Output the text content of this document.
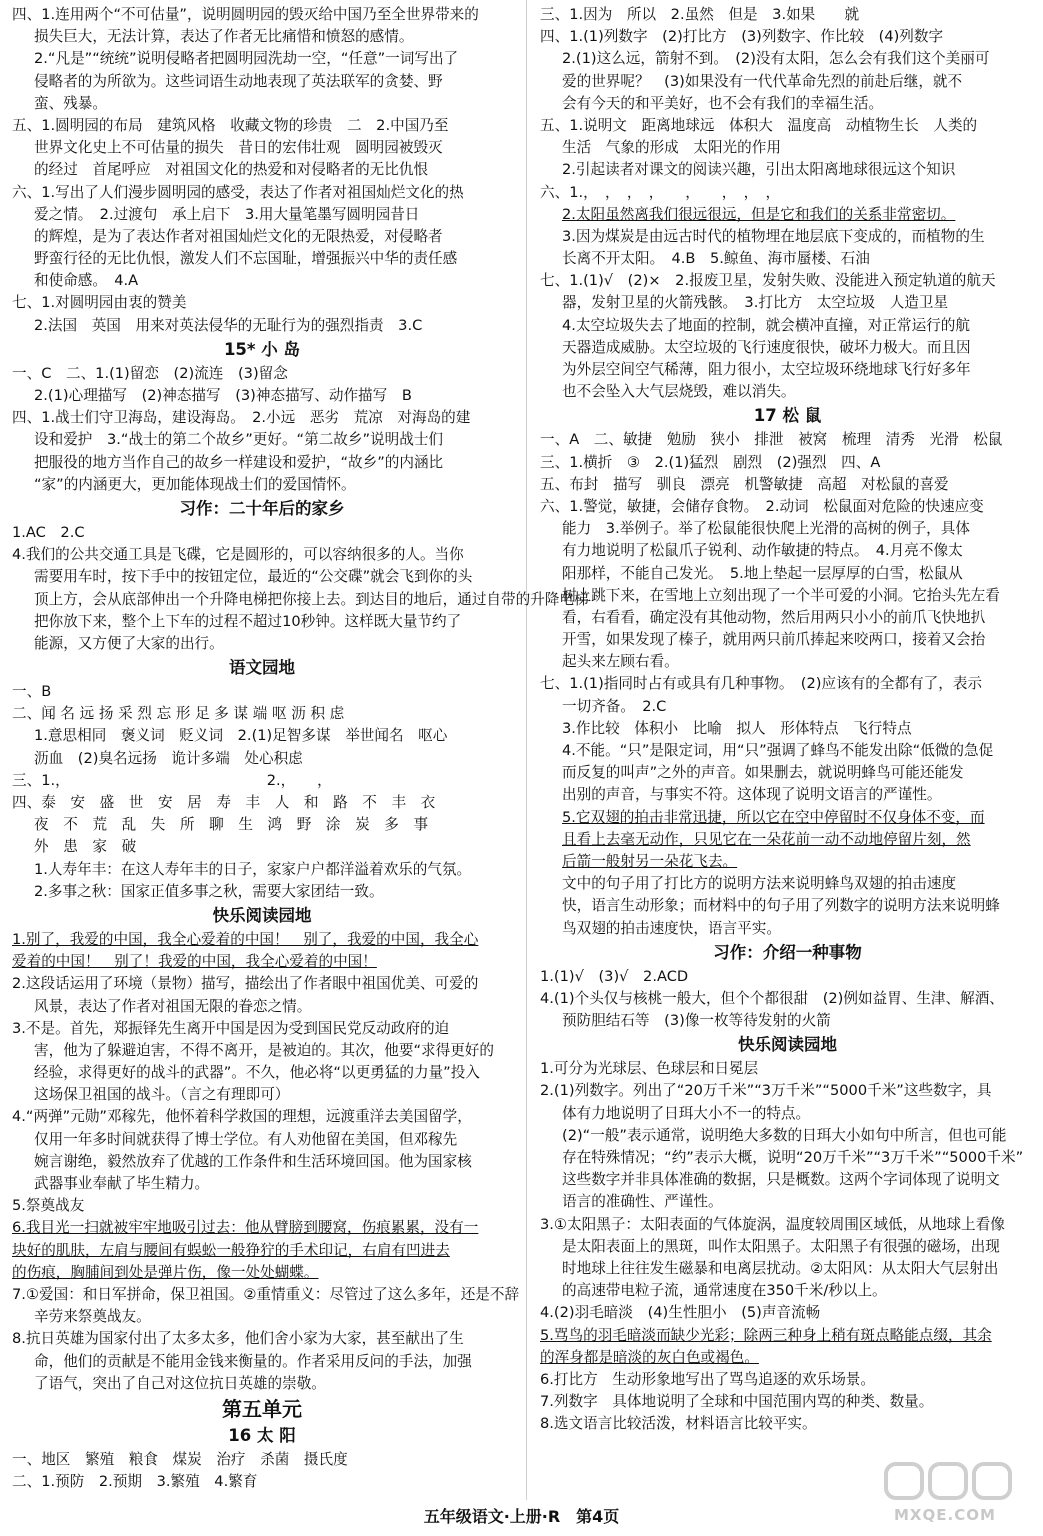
四、1.连用两个“不可估量”，说明圆明园的毁灭给中国乃至全世界带来的
损失巨大，无法计算，表达了作者无比痛惜和愤怒的感情。
2.“凡是”“统统”说明侵略者把圆明园洗劫一空，“任意”一词写出了
侵略者的为所欲为。这些词语生动地表现了英法联军的贪婪、野
蛮、残暴。
五、1.圆明园的布局　建筑风格　收藏文物的珍贵　二　2.中国乃至
世界文化史上不可估量的损失　昔日的宏伟壮观　圆明园被毁灭
的经过　首尾呼应　对祖国文化的热爱和对侵略者的无比仇恨
六、1.写出了人们漫步圆明园的感受，表达了作者对祖国灿烂文化的热
爱之情。　2.过渡句　承上启下　3.用大量笔墨写圆明园昔日
的辉煌，是为了表达作者对祖国灿烂文化的无限热爱，对侵略者
野蛮行径的无比仇恨，激发人们不忘国耻，增强振兴中华的责任感
和使命感。　4.A
七、1.对圆明园由衷的赞美
2.法国　英国　用来对英法侵华的无耻行为的强烈指责　3.C
15* 小 岛
一、C　二、1.(1)留恋　(2)流连　(3)留念
2.(1)心理描写　(2)神态描写　(3)神态描写、动作描写　B
四、1.战士们守卫海岛，建设海岛。　2.小远　恶劣　荒凉　对海岛的建
设和爱护　3.“战士的第二个故乡”更好。“第二故乡”说明战士们
把服役的地方当作自己的故乡一样建设和爱护，“故乡”的内涵比
“家”的内涵更大，更加能体现战士们的爱国情怀。
习作：二十年后的家乡
1.AC　2.C
4.我们的公共交通工具是飞碟，它是圆形的，可以容纳很多的人。当你
需要用车时，按下手中的按钮定位，最近的“公交碟”就会飞到你的头
顶上方，会从底部伸出一个升降电梯把你接上去。到达目的地后，通过自带的升降电梯
把你放下来，整个上下车的过程不超过10秒钟。这样既大量节约了
能源，又方便了大家的出行。
语文园地
一、B
二、闻 名 远 扬 采 烈 忘 形 足 多 谋 端 呕 沥 积 虑
1.意思相同　褒义词　贬义词　2.(1)足智多谋　举世闻名　呕心
沥血　(2)臭名远扬　诡计多端　处心积虑
三、1.，　　　　　　　　　　　　　　2.，　　，
四、泰　安　盛　世　安　居　寿　丰　人　和　路　不　丰　衣
夜　不　荒　乱　失　所　聊　生　鸿　野　涂　炭　多　事
外　患　家　破
1.人寿年丰：在这人寿年丰的日子，家家户户都洋溢着欢乐的气氛。
2.多事之秋：国家正值多事之秋，需要大家团结一致。
快乐阅读园地
1.别了，我爱的中国，我全心爱着的中国！　别了，我爱的中国，我全心
爱着的中国！　别了！我爱的中国，我全心爱着的中国！
2.这段话运用了环境（景物）描写，描绘出了作者眼中祖国优美、可爱的
风景，表达了作者对祖国无限的眷恋之情。
3.不是。首先，郑振铎先生离开中国是因为受到国民党反动政府的迫
害，他为了躲避迫害，不得不离开，是被迫的。其次，他要“求得更好的
经验，求得更好的战斗的武器”。不久，他必将“以更勇猛的力量”投入
这场保卫祖国的战斗。（言之有理即可）
4.“两弹”元勋”邓稼先，他怀着科学救国的理想，远渡重洋去美国留学，
仅用一年多时间就获得了博士学位。有人劝他留在美国，但邓稼先
婉言谢绝，毅然放弃了优越的工作条件和生活环境回国。他为国家核
武器事业奉献了毕生精力。
5.祭奠战友
6.我目光一扫就被牢牢地吸引过去：他从臂膀到腰窝，伤痕累累，没有一
块好的肌肤，左肩与腰间有蜈蚣一般狰狞的手术印记，右肩有凹进去
的伤痕，胸脯间到处是弹片伤，像一处处蝴蝶。
7.①爱国：和日军拼命，保卫祖国。②重情重义：尽管过了这么多年，还是不辞
辛劳来祭奠战友。
8.抗日英雄为国家付出了太多太多，他们舍小家为大家，甚至献出了生
命，他们的贡献是不能用金钱来衡量的。作者采用反问的手法，加强
了语气，突出了自己对这位抗日英雄的崇敬。
第五单元
16 太 阳
一、地区　繁殖　粮食　煤炭　治疗　杀菌　摄氏度
二、1.预防　2.预期　3.繁殖　4.繁育
三、1.因为　所以　2.虽然　但是　3.如果　　就
四、1.(1)列数字　(2)打比方　(3)列数字、作比较　(4)列数字
2.(1)这么远，箭射不到。　(2)没有太阳，怎么会有我们这个美丽可
爱的世界呢？　(3)如果没有一代代革命先烈的前赴后继，就不
会有今天的和平美好，也不会有我们的幸福生活。
五、1.说明文　距离地球远　体积大　温度高　动植物生长　人类的
生活　气象的形成　太阳光的作用
2.引起读者对课文的阅读兴趣，引出太阳离地球很远这个知识
六、1.，　，　，　，　　，　　，　，　，
2.太阳虽然离我们很远很远，但是它和我们的关系非常密切。
3.因为煤炭是由远古时代的植物埋在地层底下变成的，而植物的生
长离不开太阳。　4.B　5.鲸鱼、海市蜃楼、石油
七、1.(1)√　(2)×　2.报废卫星，发射失败、没能进入预定轨道的航天
器，发射卫星的火箭残骸。　3.打比方　太空垃圾　人造卫星
4.太空垃圾失去了地面的控制，就会横冲直撞，对正常运行的航
天器造成威胁。太空垃圾的飞行速度很快，破坏力极大。而且因
为外层空间空气稀薄，阻力很小，太空垃圾环绕地球飞行好多年
也不会坠入大气层烧毁，难以消失。
17 松 鼠
一、A　二、敏捷　勉励　狭小　排泄　被窝　梳理　清秀　光滑　松鼠
三、1.横折　③　2.(1)猛烈　剧烈　(2)强烈　四、A
五、布封　描写　驯良　漂亮　机警敏捷　高超　对松鼠的喜爱
六、1.警觉，敏捷，会储存食物。　2.动词　松鼠面对危险的快速应变
能力　3.举例子。举了松鼠能很快爬上光滑的高树的例子，具体
有力地说明了松鼠爪子锐利、动作敏捷的特点。　4.月亮不像太
阳那样，不能自己发光。　5.地上垫起一层厚厚的白雪，松鼠从
树上跳下来，在雪地上立刻出现了一个半可爱的小洞。它抬头先左看
看，右看看，确定没有其他动物，然后用两只小小的前爪飞快地扒
开雪，如果发现了榛子，就用两只前爪捧起来咬两口，接着又会抬
起头来左顾右看。
七、1.(1)指同时占有或具有几种事物。　(2)应该有的全都有了，表示
一切齐备。　2.C
3.作比较　体积小　比喻　拟人　形体特点　飞行特点
4.不能。“只”是限定词，用“只”强调了蜂鸟不能发出除“低微的急促
而反复的叫声”之外的声音。如果删去，就说明蜂鸟可能还能发
出别的声音，与事实不符。这体现了说明文语言的严谨性。
5.它双翅的拍击非常迅捷，所以它在空中停留时不仅身体不变，而
且看上去毫无动作，只见它在一朵花前一动不动地停留片刻，然
后箭一般射另一朵花飞去。
文中的句子用了打比方的说明方法来说明蜂鸟双翅的拍击速度
快，语言生动形象；而材料中的句子用了列数字的说明方法来说明蜂
鸟双翅的拍击速度快，语言平实。
习作：介绍一种事物
1.(1)√　(3)√　2.ACD
4.(1)个头仅与核桃一般大，但个个都很甜　(2)例如益胃、生津、解酒、
预防胆结石等　(3)像一枚等待发射的火箭
快乐阅读园地
1.可分为光球层、色球层和日冕层
2.(1)列数字。列出了“20万千米”“3万千米”“5000千米”这些数字，具
体有力地说明了日珥大小不一的特点。
(2)“一般”表示通常，说明绝大多数的日珥大小如句中所言，但也可能
存在特殊情况；“约”表示大概，说明“20万千米”“3万千米”“5000千米”
这些数字并非具体准确的数据，只是概数。这两个字词体现了说明文
语言的准确性、严谨性。
3.①太阳黑子：太阳表面的气体旋涡，温度较周围区域低，从地球上看像
是太阳表面上的黑斑，叫作太阳黑子。太阳黑子有很强的磁场，出现
时地球上往往发生磁暴和电离层扰动。②太阳风：从太阳大气层射出
的高速带电粒子流，通常速度在350千米/秒以上。
4.(2)羽毛暗淡　(4)生性胆小　(5)声音流畅
5.骂鸟的羽毛暗淡而缺少光彩；除两三种身上稍有斑点略能点缀，其余
的浑身都是暗淡的灰白色或褐色。
6.打比方　生动形象地写出了骂鸟追逐的欢乐场景。
7.列数字　具体地说明了全球和中国范围内骂的种类、数量。
8.选文语言比较活泼，材料语言比较平实。
五年级语文·上册·R　第4页	MXQE.COM
